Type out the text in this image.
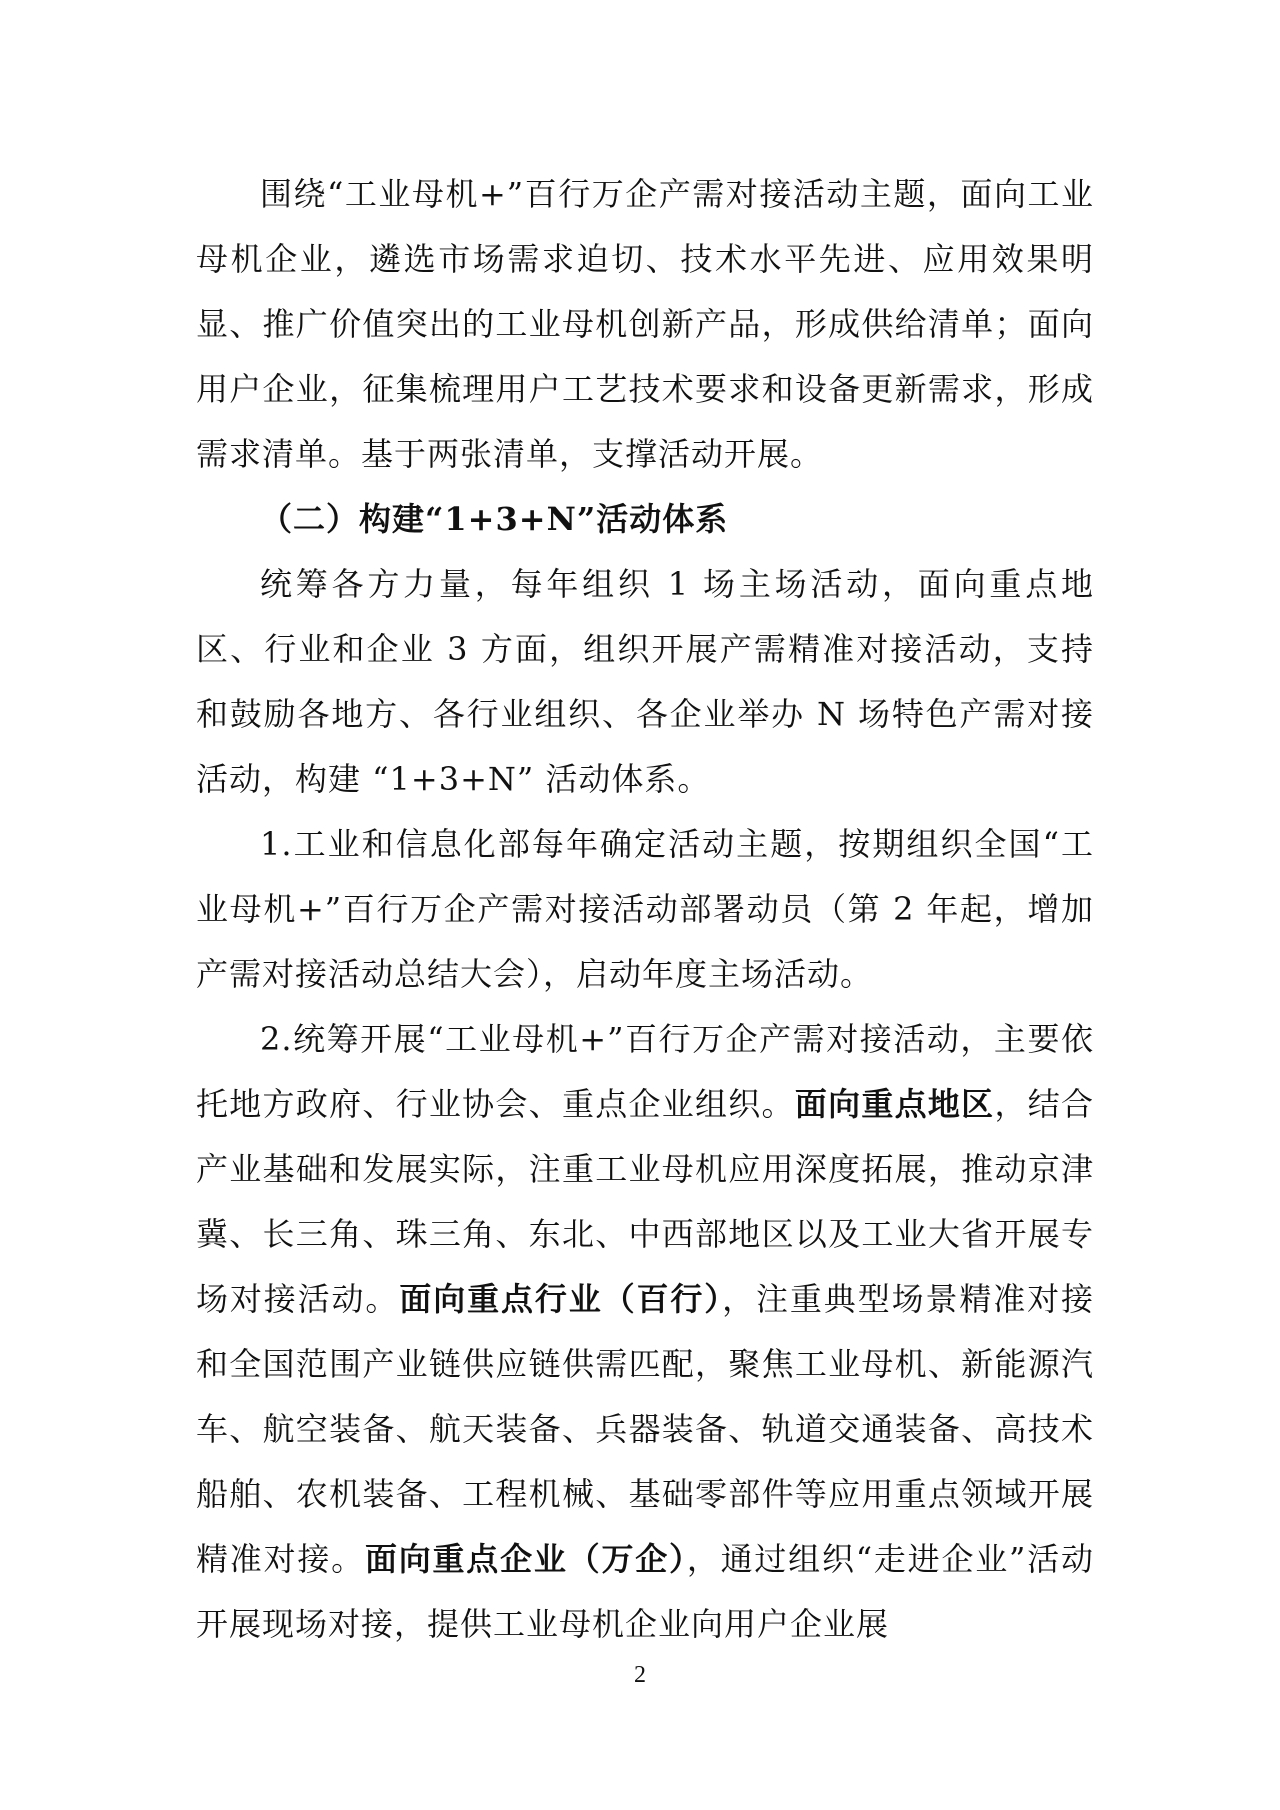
围绕“工业母机+”百行万企产需对接活动主题，面向工业母机企业，遴选市场需求迫切、技术水平先进、应用效果明显、推广价值突出的工业母机创新产品，形成供给清单；面向用户企业，征集梳理用户工艺技术要求和设备更新需求，形成需求清单。基于两张清单，支撑活动开展。

（二）构建“1+3+N”活动体系

统筹各方力量，每年组织 1 场主场活动，面向重点地区、行业和企业 3 方面，组织开展产需精准对接活动，支持和鼓励各地方、各行业组织、各企业举办 N 场特色产需对接活动，构建 “1+3+N” 活动体系。

1.工业和信息化部每年确定活动主题，按期组织全国“工业母机+”百行万企产需对接活动部署动员（第 2 年起，增加产需对接活动总结大会），启动年度主场活动。

2.统筹开展“工业母机+”百行万企产需对接活动，主要依托地方政府、行业协会、重点企业组织。面向重点地区，结合产业基础和发展实际，注重工业母机应用深度拓展，推动京津冀、长三角、珠三角、东北、中西部地区以及工业大省开展专场对接活动。面向重点行业（百行），注重典型场景精准对接和全国范围产业链供应链供需匹配，聚焦工业母机、新能源汽车、航空装备、航天装备、兵器装备、轨道交通装备、高技术船舶、农机装备、工程机械、基础零部件等应用重点领域开展精准对接。面向重点企业（万企），通过组织“走进企业”活动开展现场对接，提供工业母机企业向用户企业展

2
